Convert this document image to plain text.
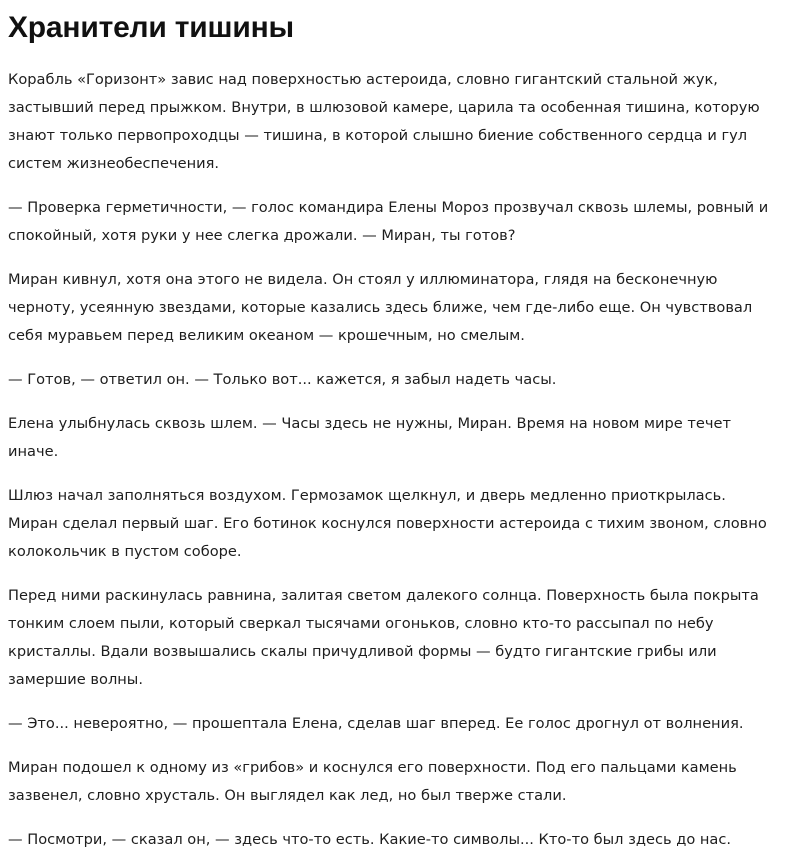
Хранители тишины

Корабль «Горизонт» завис над поверхностью астероида, словно гигантский стальной жук, застывший перед прыжком. Внутри, в шлюзовой камере, царила та особенная тишина, которую знают только первопроходцы — тишина, в которой слышно биение собственного сердца и гул систем жизнеобеспечения.

— Проверка герметичности, — голос командира Елены Мороз прозвучал сквозь шлемы, ровный и спокойный, хотя руки у нее слегка дрожали. — Миран, ты готов?

Миран кивнул, хотя она этого не видела. Он стоял у иллюминатора, глядя на бесконечную черноту, усеянную звездами, которые казались здесь ближе, чем где-либо еще. Он чувствовал себя муравьем перед великим океаном — крошечным, но смелым.

— Готов, — ответил он. — Только вот... кажется, я забыл надеть часы.

Елена улыбнулась сквозь шлем. — Часы здесь не нужны, Миран. Время на новом мире течет иначе.

Шлюз начал заполняться воздухом. Гермозамок щелкнул, и дверь медленно приоткрылась. Миран сделал первый шаг. Его ботинок коснулся поверхности астероида с тихим звоном, словно колокольчик в пустом соборе.

Перед ними раскинулась равнина, залитая светом далекого солнца. Поверхность была покрыта тонким слоем пыли, который сверкал тысячами огоньков, словно кто-то рассыпал по небу кристаллы. Вдали возвышались скалы причудливой формы — будто гигантские грибы или замершие волны.

— Это... невероятно, — прошептала Елена, сделав шаг вперед. Ее голос дрогнул от волнения.

Миран подошел к одному из «грибов» и коснулся его поверхности. Под его пальцами камень зазвенел, словно хрусталь. Он выглядел как лед, но был тверже стали.

— Посмотри, — сказал он, — здесь что-то есть. Какие-то символы... Кто-то был здесь до нас.
